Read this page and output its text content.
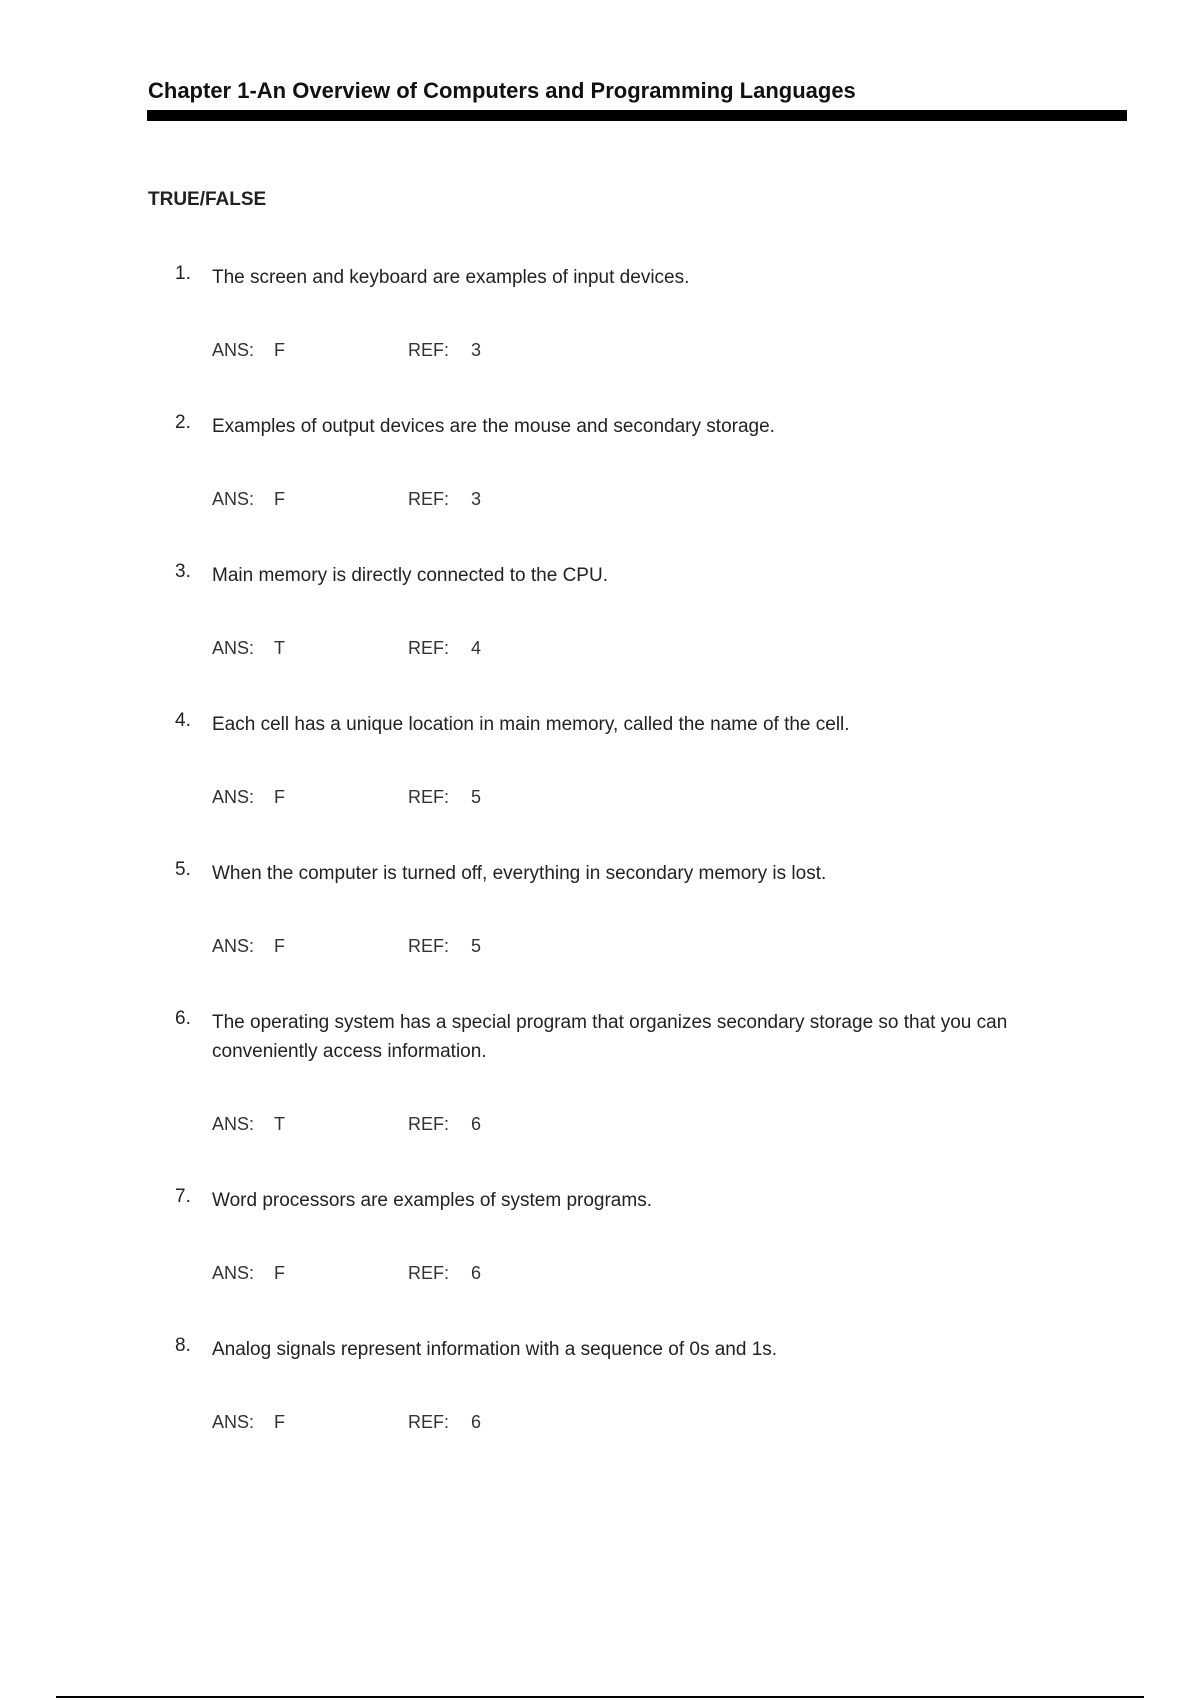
Chapter 1-An Overview of Computers and Programming Languages
TRUE/FALSE
1. The screen and keyboard are examples of input devices.
ANS: F	REF: 3
2. Examples of output devices are the mouse and secondary storage.
ANS: F	REF: 3
3. Main memory is directly connected to the CPU.
ANS: T	REF: 4
4. Each cell has a unique location in main memory, called the name of the cell.
ANS: F	REF: 5
5. When the computer is turned off, everything in secondary memory is lost.
ANS: F	REF: 5
6. The operating system has a special program that organizes secondary storage so that you can conveniently access information.
ANS: T	REF: 6
7. Word processors are examples of system programs.
ANS: F	REF: 6
8. Analog signals represent information with a sequence of 0s and 1s.
ANS: F	REF: 6
